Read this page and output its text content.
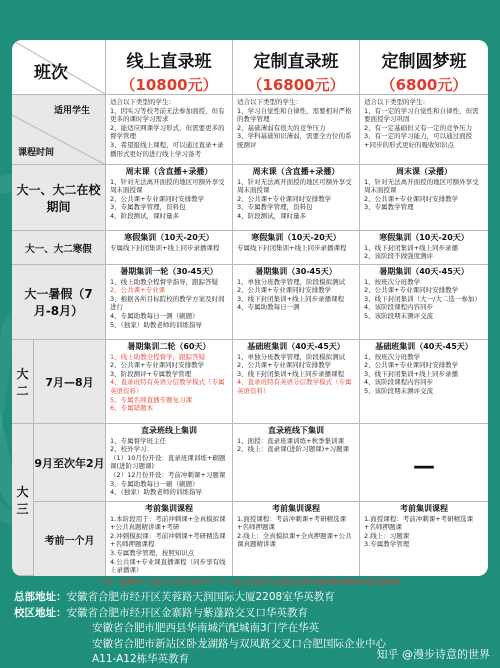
班次
线上直录班
（10800元）
定制直录班
（16800元）
定制圆梦班
（6800元）
适用学生
课程时间
适合以下类型的学生：
1、因实习等校考前无法参加面授，但有更多的课时学习需求
2、能适应网课学习形式，但需要更多的督学管理
3、希望报线上课程，可以通过直录+录播形式更好的进行线上学习备考
适合以下类型的学生：
1、学习自觉性和自律性，需要相对严格的教学管理
2、基础薄弱有很大的竞争压力
3、学科基础知识薄弱，需要全方位的系统测评
适合以下类型的学生：
1、有一定的学习自觉性和自律性，但需要面授学习巩固
2、有一定基础但又有一定的竞争压力
3、有一定的学习能力，可以通过面授+同步的形式更好的吸收知识点
大一、大二在校期间
周末课（含直播+录播）
1、针对无法离开面授的地区可额外享受周末面授课
2、公共课+专业课同时安排教学
3、专属教学管理，资料包
4、阶段测试，课时量多
周末课（含直播+录播）
1、针对无法离开面授的地区可额外享受周末面授课
2、公共课+专业课同时安排教学
3、专属教学管理，资料包
4、阶段测试，课时量多
周末课（录播）
1、针对无法离开面授的地区可额外享受周末面授课
2、公共课+专业课同时安排教学
3、专属教学管理
大一、大二寒假
寒假集训（10天-20天）
专属线下封闭集训+线上同步录播课程
寒假集训（10天-20天）
专属线下封闭集训+线上同步录播课程
寒假集训（10天-20天）
1、线下封闭集训+线上同步录播
2、该阶段不做强度测评
大一暑假（7月-8月）
暑期集训一轮（30-45天）
1、线上助教全程督学指导，跟踪答疑
2、公共课+专业课
3、根据各所目标院校的教学方案及时间进行
4、专属助教每日一测（刷题）
5、（独家）助教老师的训练指导
暑期集训（30-45天）
1、单独分班教学管理，阶段模拟测试
2、公共课+专业课同时安排教学
3、线下封闭集训+线上同步录播课程
4、专属助教每日一测
暑期集训（40天-45天）
1、按班次分班教学
2、公共课+专业课同时安排教学
3、线下封闭集训（大一/大二选一参加）
4、该阶段课程内容同步
5、该阶段期末测评交流
大二
7月—8月
暑期集训二轮（60天）
1、线上助教全程督学，跟踪答疑
2、公共课+专业课同时安排教学
3、阶段测评+专属教学管理
4、直录班特有英语分层教学模式（专属英语资料）
5、专属名师直播专题复习课
6、专属错题本
基础班集训（40天-45天）
1、单独分班教学管理，阶段模拟测试
2、公共课+专业课同时安排教学
3、线下封闭集训+线上同步录播课程
4、直录班特有英语分层教学模式（专属英语资料）
基础班集训（40天-45天）
1、按班次分班教学
2、公共课+专业课同时安排教学
3、线下封闭集训+线上同步录播
4、该阶段课程内容同步
5、该阶段期末测评交流
大三
9月至次年2月
直录班线上集训
1、专属督学班主任
2、校外学习：
（1）10月份开设：直录班课训练+刷题课(进阶习题课)
（2）12月份开设：考前冲刺课+习题课
3、专属助教每日一刷（刷题）
4、（独家）助教老师的训练指导
直录班线下集训
1、面授：直录班课训练+秋季集训课
2、线上：直录课(进阶习题课)+习题课
—
考前一个月
考前集训课程
1.本阶段用于：考前冲刺课+全真模拟课+公共真题精讲课+考研
2.冲刺模拟课：考前冲刺课+考研精选课+名师押题课程
3.专属教学管理，按照知识点
4.公共课+专业课直播课程（同步享有线上录播课）
考前集训课程
1.面授课程：考前冲刺课+考研精选课+名师押题课
2.线上：全真模拟课+全真押题课+公共课真题精讲课
考前集训课程
1.面授课程：考前冲刺课+考研精选课+名师押题课
2.线上：习题课
3.专属教学管理
**注：圆梦班：住宿+公共水电15元一天；线上直录班与定制直录班在面授集训期间免收住宿费用
总部地址：安徽省合肥市经开区芙蓉路天润国际大厦2208室华英教育
校区地址：安徽省合肥市经开区金寨路与紫蓬路交叉口华英教育
安徽省合肥市肥西县华南城汽配城南3门学在华英
安徽省合肥市新站区卧龙湖路与双凤路交叉口合肥国际企业中心
A11-A12栋华英教育	知乎 @漫步诗意的世界
